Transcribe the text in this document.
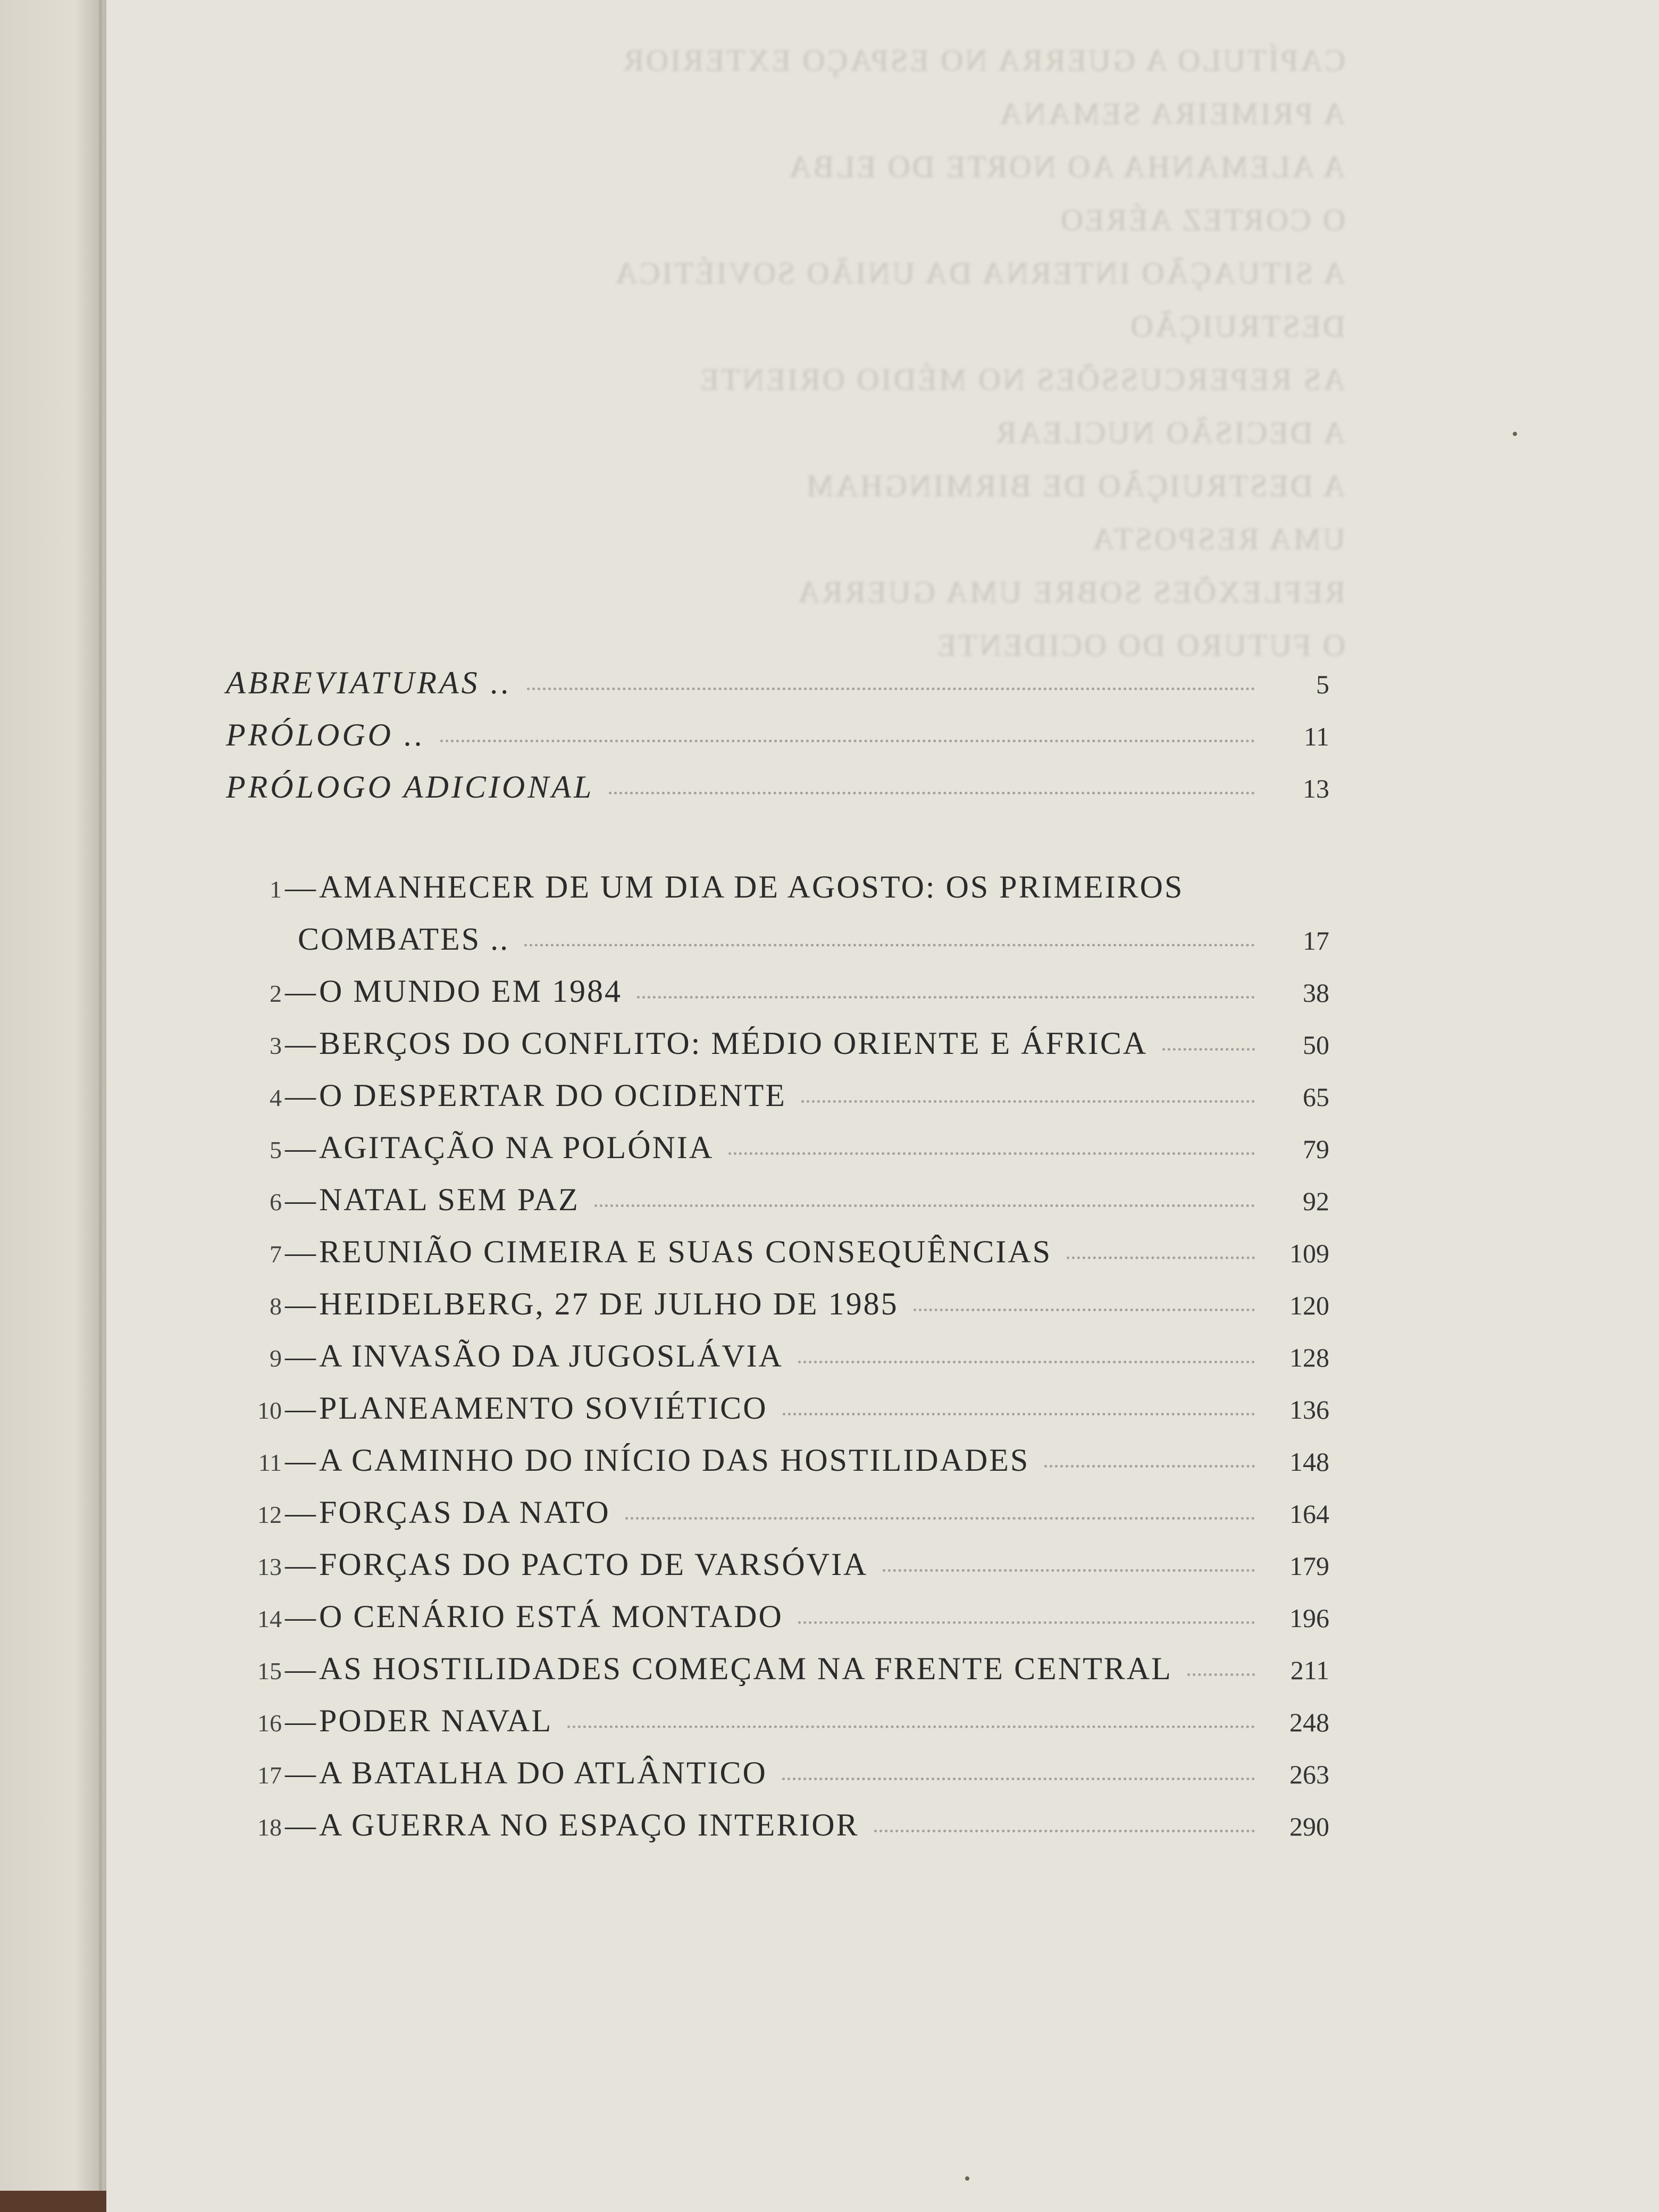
CAPÍTULO A GUERRA NO ESPAÇO EXTERIOR
A PRIMEIRA SEMANA
A ALEMANHA AO NORTE DO ELBA
O CORTEZ AÉREO
A SITUAÇÃO INTERNA DA UNIÃO SOVIÉTICA
DESTRUIÇÃO
AS REPERCUSSÕES NO MÉDIO ORIENTE
A DECISÃO NUCLEAR
A DESTRUIÇÃO DE BIRMINGHAM
UMA RESPOSTA
REFLEXÕES SOBRE UMA GUERRA
O FUTURO DO OCIDENTE
ABREVIATURAS ..	5
PRÓLOGO ..	11
PRÓLOGO ADICIONAL	13
1 — AMANHECER DE UM DIA DE AGOSTO: OS PRIMEIROS
COMBATES ..	17
2 — O MUNDO EM 1984	38
3 — BERÇOS DO CONFLITO: MÉDIO ORIENTE E ÁFRICA	50
4 — O DESPERTAR DO OCIDENTE	65
5 — AGITAÇÃO NA POLÓNIA	79
6 — NATAL SEM PAZ	92
7 — REUNIÃO CIMEIRA E SUAS CONSEQUÊNCIAS	109
8 — HEIDELBERG, 27 DE JULHO DE 1985	120
9 — A INVASÃO DA JUGOSLÁVIA	128
10 — PLANEAMENTO SOVIÉTICO	136
11 — A CAMINHO DO INÍCIO DAS HOSTILIDADES	148
12 — FORÇAS DA NATO	164
13 — FORÇAS DO PACTO DE VARSÓVIA	179
14 — O CENÁRIO ESTÁ MONTADO	196
15 — AS HOSTILIDADES COMEÇAM NA FRENTE CENTRAL	211
16 — PODER NAVAL	248
17 — A BATALHA DO ATLÂNTICO	263
18 — A GUERRA NO ESPAÇO INTERIOR	290
